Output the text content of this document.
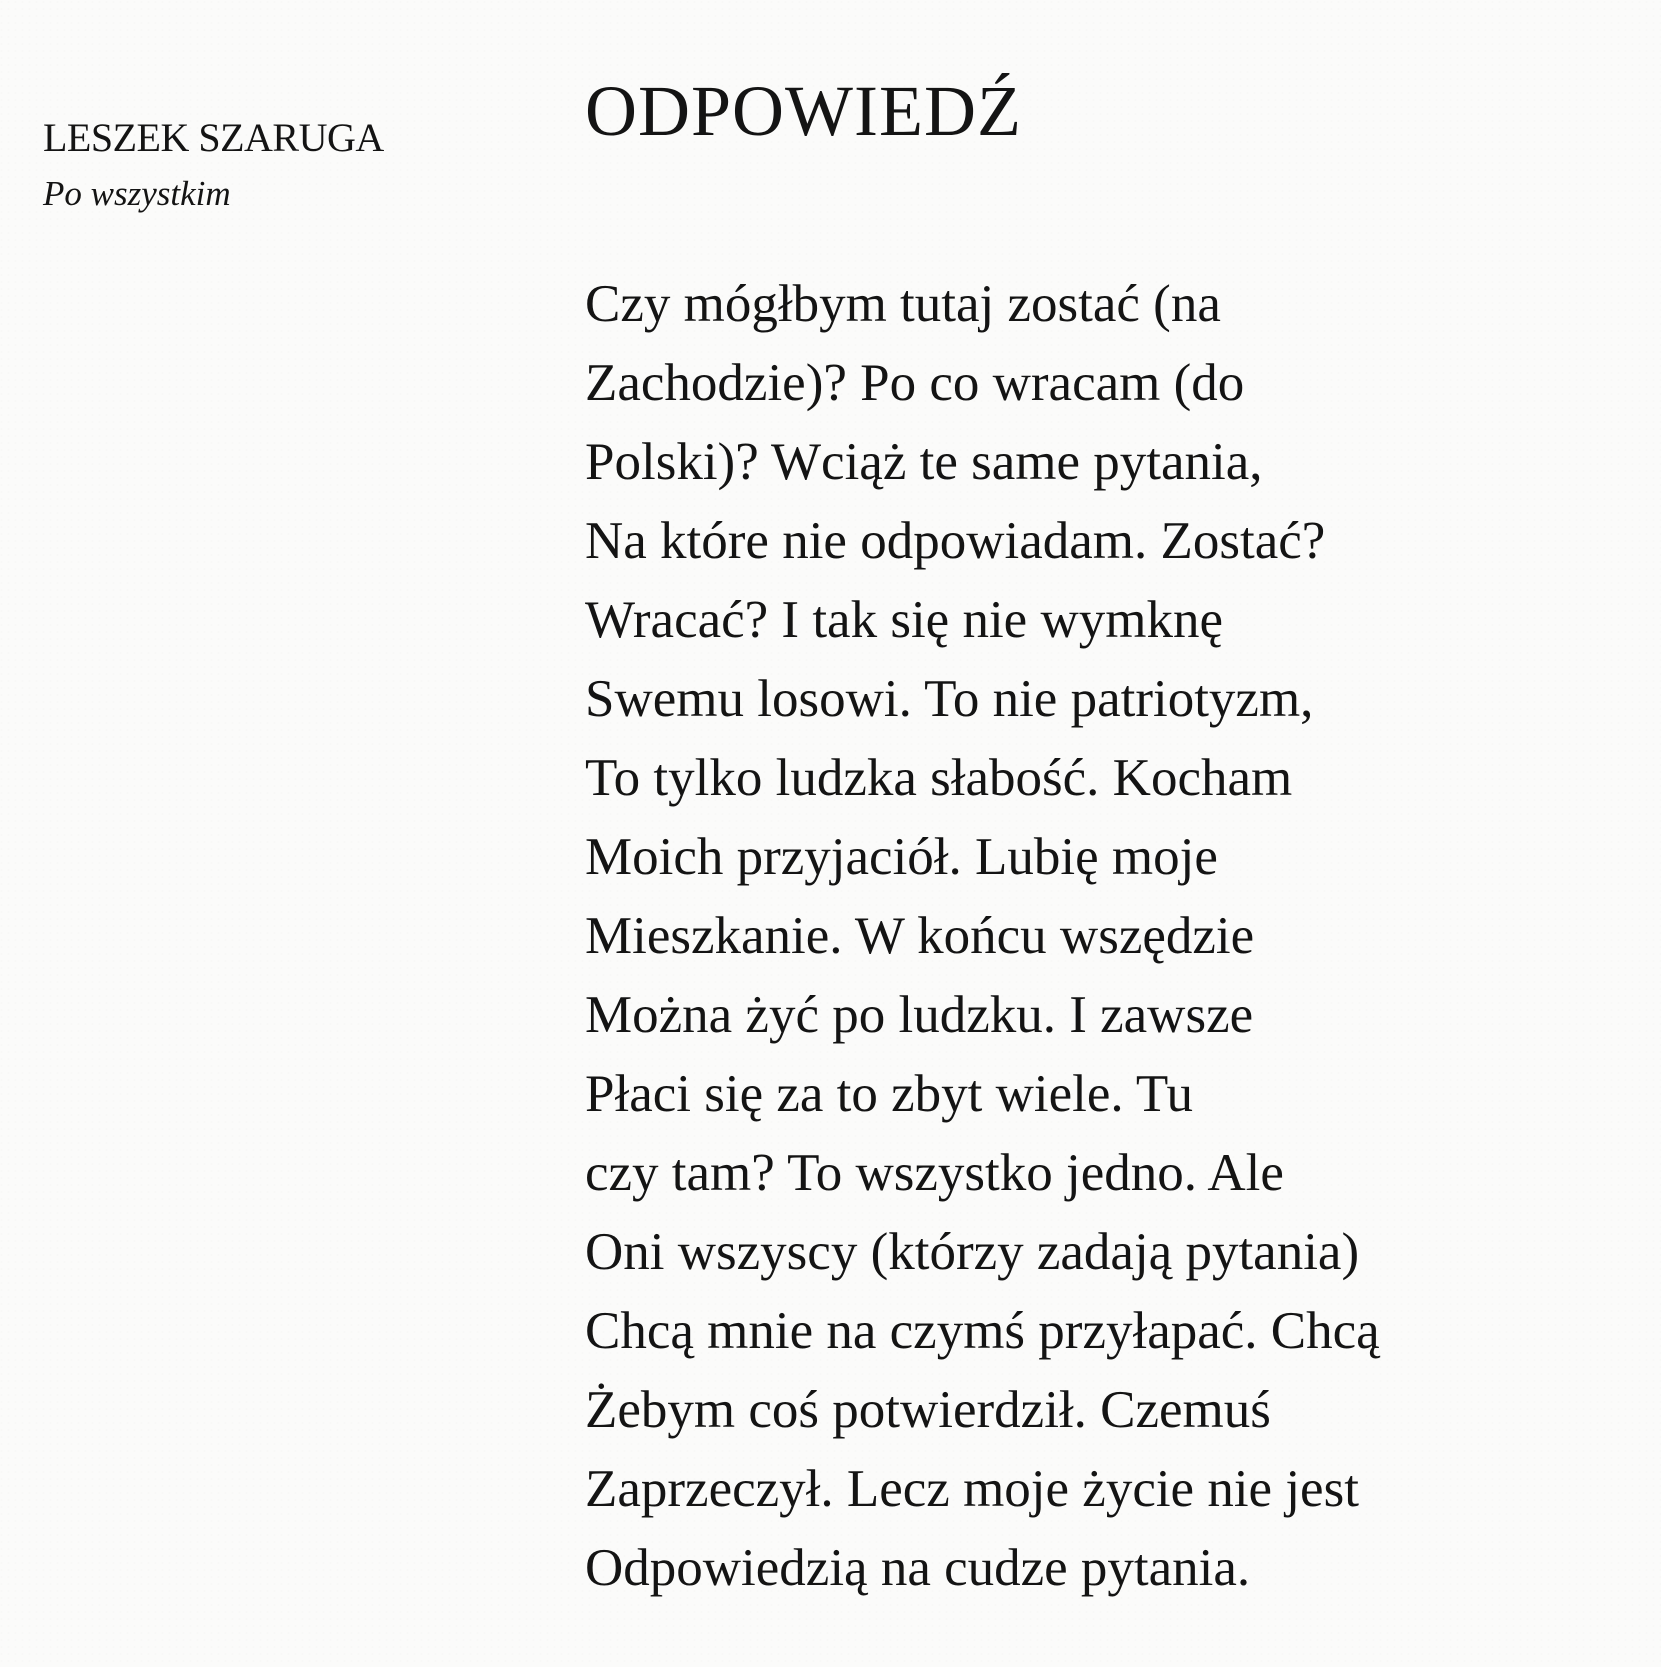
LESZEK SZARUGA
Po wszystkim
ODPOWIEDŹ
Czy mógłbym tutaj zostać (na
Zachodzie)? Po co wracam (do
Polski)? Wciąż te same pytania,
Na które nie odpowiadam. Zostać?
Wracać? I tak się nie wymknę
Swemu losowi. To nie patriotyzm,
To tylko ludzka słabość. Kocham
Moich przyjaciół. Lubię moje
Mieszkanie. W końcu wszędzie
Można żyć po ludzku. I zawsze
Płaci się za to zbyt wiele. Tu
czy tam? To wszystko jedno. Ale
Oni wszyscy (którzy zadają pytania)
Chcą mnie na czymś przyłapać. Chcą
Żebym coś potwierdził. Czemuś
Zaprzeczył. Lecz moje życie nie jest
Odpowiedzią na cudze pytania.
